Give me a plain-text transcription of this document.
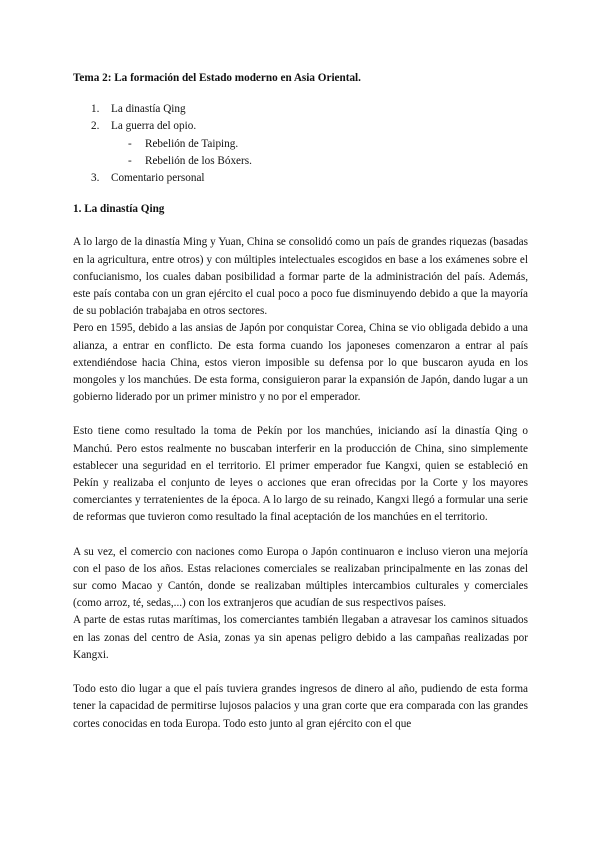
Tema 2: La formación del Estado moderno en Asia Oriental.
1. La dinastía Qing
2. La guerra del opio.
- Rebelión de Taiping.
- Rebelión de los Bóxers.
3. Comentario personal
1. La dinastía Qing

A lo largo de la dinastía Ming y Yuan, China se consolidó como un país de grandes riquezas (basadas en la agricultura, entre otros) y con múltiples intelectuales escogidos en base a los exámenes sobre el confucianismo, los cuales daban posibilidad a formar parte de la administración del país. Además, este país contaba con un gran ejército el cual poco a poco fue disminuyendo debido a que la mayoría de su población trabajaba en otros sectores.

Pero en 1595, debido a las ansias de Japón por conquistar Corea, China se vio obligada debido a una alianza, a entrar en conflicto. De esta forma cuando los japoneses comenzaron a entrar al país extendiéndose hacia China, estos vieron imposible su defensa por lo que buscaron ayuda en los mongoles y los manchúes. De esta forma, consiguieron parar la expansión de Japón, dando lugar a un gobierno liderado por un primer ministro y no por el emperador.

Esto tiene como resultado la toma de Pekín por los manchúes, iniciando así la dinastía Qing o Manchú. Pero estos realmente no buscaban interferir en la producción de China, sino simplemente establecer una seguridad en el territorio. El primer emperador fue Kangxi, quien se estableció en Pekín y realizaba el conjunto de leyes o acciones que eran ofrecidas por la Corte y los mayores comerciantes y terratenientes de la época. A lo largo de su reinado, Kangxi llegó a formular una serie de reformas que tuvieron como resultado la final aceptación de los manchúes en el territorio.

A su vez, el comercio con naciones como Europa o Japón continuaron e incluso vieron una mejoría con el paso de los años. Estas relaciones comerciales se realizaban principalmente en las zonas del sur como Macao y Cantón, donde se realizaban múltiples intercambios culturales y comerciales (como arroz, té, sedas,...) con los extranjeros que acudían de sus respectivos países.

A parte de estas rutas marítimas, los comerciantes también llegaban a atravesar los caminos situados en las zonas del centro de Asia, zonas ya sin apenas peligro debido a las campañas realizadas por Kangxi.

Todo esto dio lugar a que el país tuviera grandes ingresos de dinero al año, pudiendo de esta forma tener la capacidad de permitirse lujosos palacios y una gran corte que era comparada con las grandes cortes conocidas en toda Europa. Todo esto junto al gran ejército con el que
